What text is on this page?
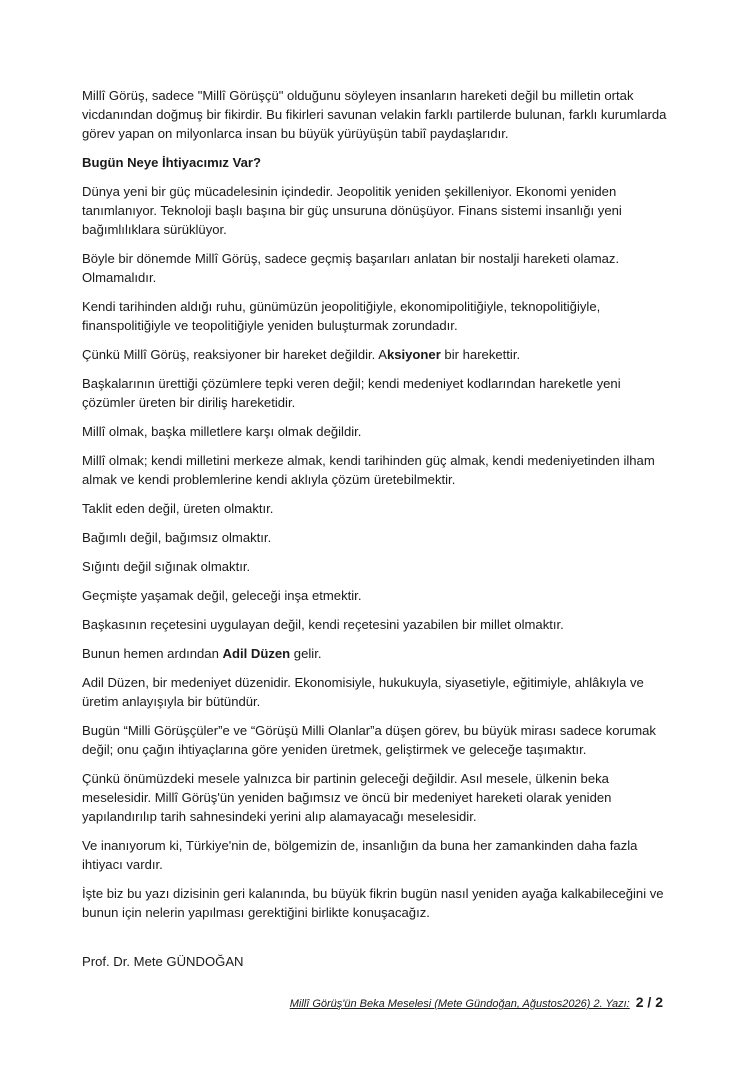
Millî Görüş, sadece "Millî Görüşçü" olduğunu söyleyen insanların hareketi değil bu milletin ortak vicdanından doğmuş bir fikirdir. Bu fikirleri savunan velakin farklı partilerde bulunan, farklı kurumlarda görev yapan on milyonlarca insan bu büyük yürüyüşün tabiî paydaşlarıdır.

Bugün Neye İhtiyacımız Var?

Dünya yeni bir güç mücadelesinin içindedir. Jeopolitik yeniden şekilleniyor. Ekonomi yeniden tanımlanıyor. Teknoloji başlı başına bir güç unsuruna dönüşüyor. Finans sistemi insanlığı yeni bağımlılıklara sürüklüyor.

Böyle bir dönemde Millî Görüş, sadece geçmiş başarıları anlatan bir nostalji hareketi olamaz. Olmamalıdır.

Kendi tarihinden aldığı ruhu, günümüzün jeopolitiğiyle, ekonomipolitiğiyle, teknopolitiğiyle, finanspolitiğiyle ve teopolitiğiyle yeniden buluşturmak zorundadır.

Çünkü Millî Görüş, reaksiyoner bir hareket değildir. Aksiyoner bir harekettir.

Başkalarının ürettiği çözümlere tepki veren değil; kendi medeniyet kodlarından hareketle yeni çözümler üreten bir diriliş hareketidir.

Millî olmak, başka milletlere karşı olmak değildir.

Millî olmak; kendi milletini merkeze almak, kendi tarihinden güç almak, kendi medeniyetinden ilham almak ve kendi problemlerine kendi aklıyla çözüm üretebilmektir.

Taklit eden değil, üreten olmaktır.

Bağımlı değil, bağımsız olmaktır.

Sığıntı değil sığınak olmaktır.

Geçmişte yaşamak değil, geleceği inşa etmektir.

Başkasının reçetesini uygulayan değil, kendi reçetesini yazabilen bir millet olmaktır.

Bunun hemen ardından Adil Düzen gelir.

Adil Düzen, bir medeniyet düzenidir. Ekonomisiyle, hukukuyla, siyasetiyle, eğitimiyle, ahlâkıyla ve üretim anlayışıyla bir bütündür.

Bugün “Milli Görüşçüler”e ve “Görüşü Milli Olanlar”a düşen görev, bu büyük mirası sadece korumak değil; onu çağın ihtiyaçlarına göre yeniden üretmek, geliştirmek ve geleceğe taşımaktır.

Çünkü önümüzdeki mesele yalnızca bir partinin geleceği değildir. Asıl mesele, ülkenin beka meselesidir. Millî Görüş'ün yeniden bağımsız ve öncü bir medeniyet hareketi olarak yeniden yapılandırılıp tarih sahnesindeki yerini alıp alamayacağı meselesidir.

Ve inanıyorum ki, Türkiye'nin de, bölgemizin de, insanlığın da buna her zamankinden daha fazla ihtiyacı vardır.

İşte biz bu yazı dizisinin geri kalanında, bu büyük fikrin bugün nasıl yeniden ayağa kalkabileceğini ve bunun için nelerin yapılması gerektiğini birlikte konuşacağız.

Prof. Dr. Mete GÜNDOĞAN

Millî Görüş'ün Beka Meselesi (Mete Gündoğan, Ağustos2026) 2. Yazı: 2 / 2
